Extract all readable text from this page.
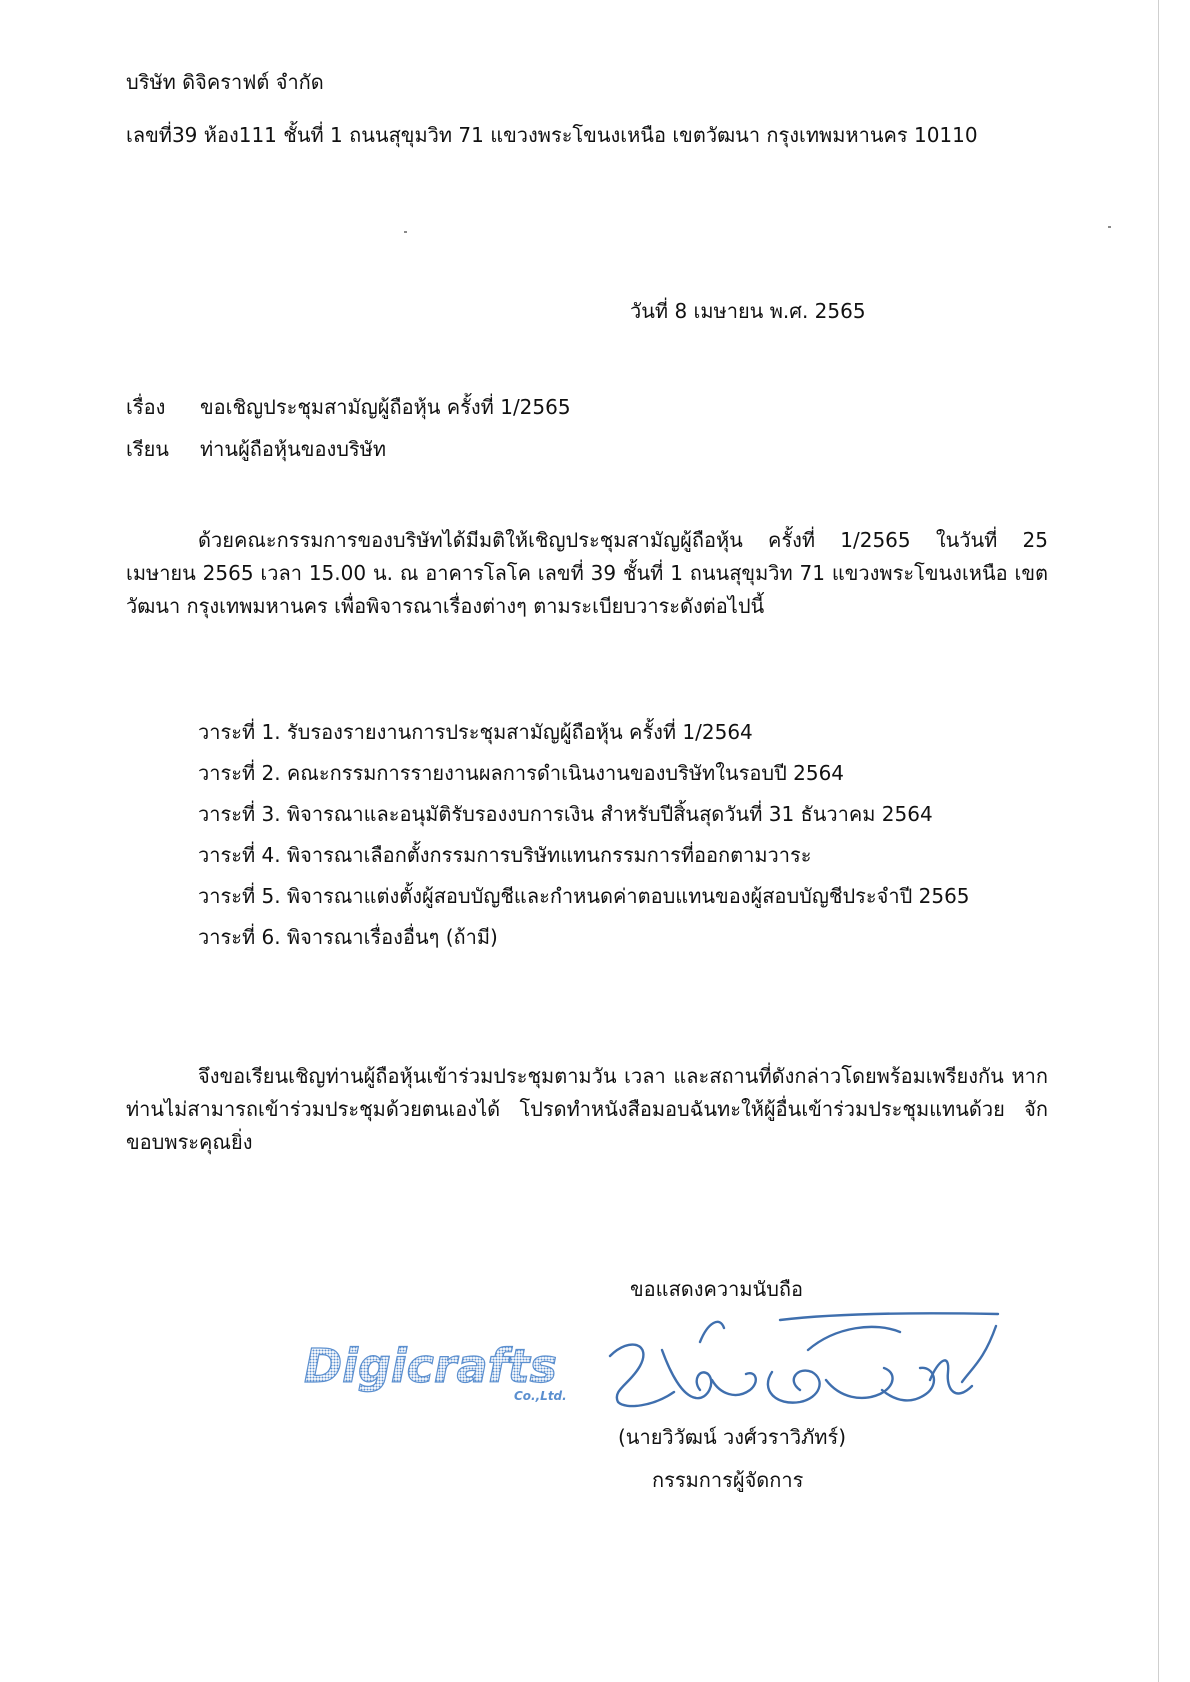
บริษัท ดิจิคราฟต์ จำกัด
เลขที่39 ห้อง111 ชั้นที่ 1 ถนนสุขุมวิท 71 แขวงพระโขนงเหนือ เขตวัฒนา กรุงเทพมหานคร 10110
วันที่ 8 เมษายน พ.ศ. 2565
เรื่อง ขอเชิญประชุมสามัญผู้ถือหุ้น ครั้งที่ 1/2565
เรียน ท่านผู้ถือหุ้นของบริษัท
ด้วยคณะกรรมการของบริษัทได้มีมติให้เชิญประชุมสามัญผู้ถือหุ้น ครั้งที่ 1/2565 ในวันที่ 25 เมษายน 2565 เวลา 15.00 น. ณ อาคารโลโค เลขที่ 39 ชั้นที่ 1 ถนนสุขุมวิท 71 แขวงพระโขนงเหนือ เขตวัฒนา กรุงเทพมหานคร เพื่อพิจารณาเรื่องต่างๆ ตามระเบียบวาระดังต่อไปนี้
วาระที่ 1. รับรองรายงานการประชุมสามัญผู้ถือหุ้น ครั้งที่ 1/2564
วาระที่ 2. คณะกรรมการรายงานผลการดำเนินงานของบริษัทในรอบปี 2564
วาระที่ 3. พิจารณาและอนุมัติรับรองงบการเงิน สำหรับปีสิ้นสุดวันที่ 31 ธันวาคม 2564
วาระที่ 4. พิจารณาเลือกตั้งกรรมการบริษัทแทนกรรมการที่ออกตามวาระ
วาระที่ 5. พิจารณาแต่งตั้งผู้สอบบัญชีและกำหนดค่าตอบแทนของผู้สอบบัญชีประจำปี 2565
วาระที่ 6. พิจารณาเรื่องอื่นๆ (ถ้ามี)
จึงขอเรียนเชิญท่านผู้ถือหุ้นเข้าร่วมประชุมตามวัน เวลา และสถานที่ดังกล่าวโดยพร้อมเพรียงกัน หากท่านไม่สามารถเข้าร่วมประชุมด้วยตนเองได้ โปรดทำหนังสือมอบฉันทะให้ผู้อื่นเข้าร่วมประชุมแทนด้วย จักขอบพระคุณยิ่ง
ขอแสดงความนับถือ
Digicrafts
Co.,Ltd.
(นายวิวัฒน์ วงศ์วราวิภัทร์)
กรรมการผู้จัดการ
